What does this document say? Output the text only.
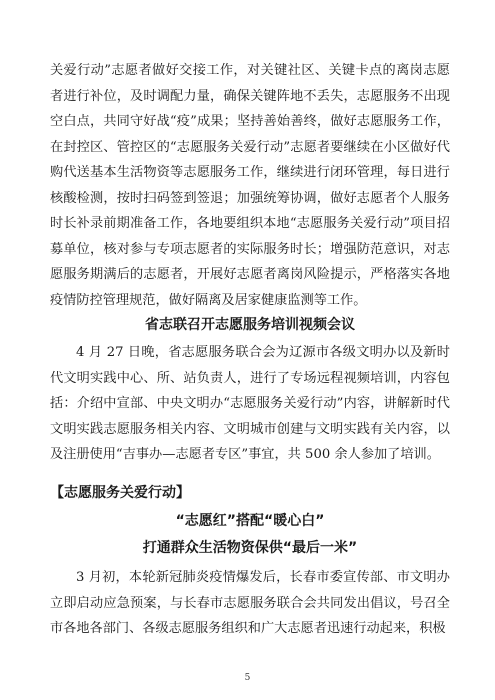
关爱行动”志愿者做好交接工作，对关键社区、关键卡点的离岗志愿者进行补位，及时调配力量，确保关键阵地不丢失，志愿服务不出现空白点，共同守好战“疫”成果；坚持善始善终，做好志愿服务工作，在封控区、管控区的“志愿服务关爱行动”志愿者要继续在小区做好代购代送基本生活物资等志愿服务工作，继续进行闭环管理，每日进行核酸检测，按时扫码签到签退；加强统筹协调，做好志愿者个人服务时长补录前期准备工作，各地要组织本地“志愿服务关爱行动”项目招募单位，核对参与专项志愿者的实际服务时长；增强防范意识，对志愿服务期满后的志愿者，开展好志愿者离岗风险提示，严格落实各地疫情防控管理规范，做好隔离及居家健康监测等工作。
省志联召开志愿服务培训视频会议
4 月 27 日晚，省志愿服务联合会为辽源市各级文明办以及新时代文明实践中心、所、站负责人，进行了专场远程视频培训，内容包括：介绍中宣部、中央文明办“志愿服务关爱行动”内容，讲解新时代文明实践志愿服务相关内容、文明城市创建与文明实践有关内容，以及注册使用“吉事办—志愿者专区”事宜，共 500 余人参加了培训。
【志愿服务关爱行动】
“志愿红”搭配“暖心白”
打通群众生活物资保供“最后一米”
3 月初，本轮新冠肺炎疫情爆发后，长春市委宣传部、市文明办立即启动应急预案，与长春市志愿服务联合会共同发出倡议，号召全市各地各部门、各级志愿服务组织和广大志愿者迅速行动起来，积极
5
